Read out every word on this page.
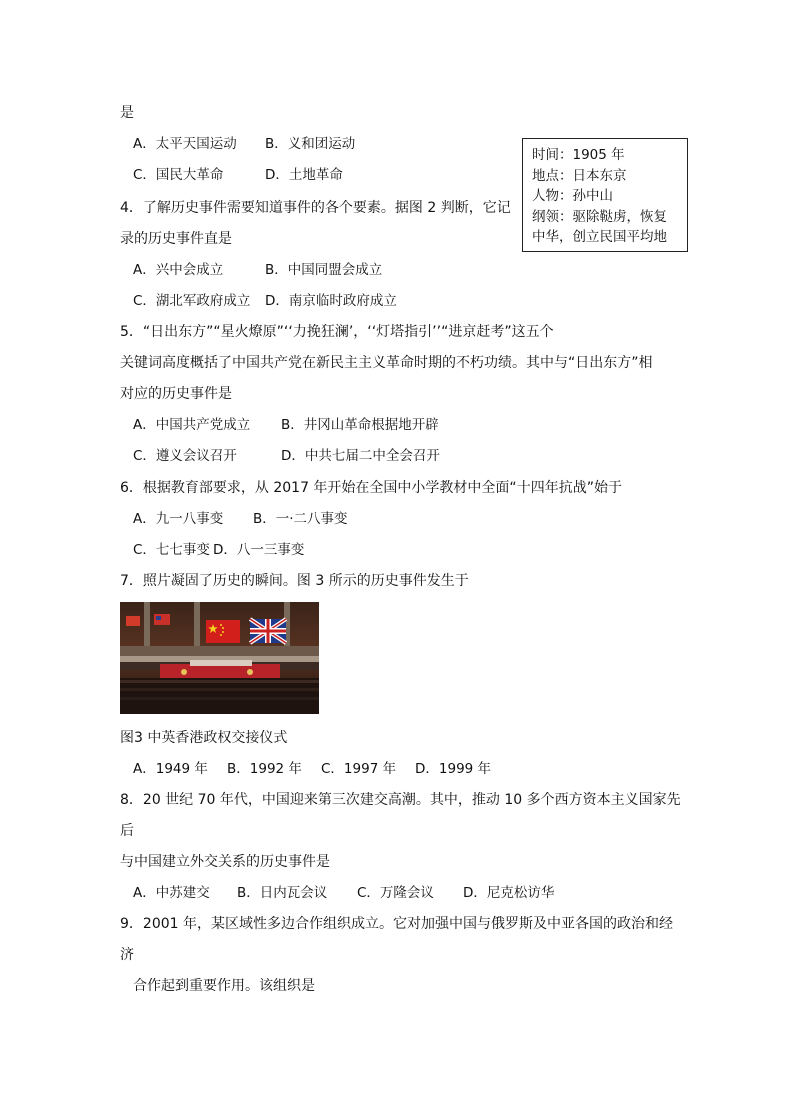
是
A．太平天国运动 B．义和团运动
C．国民大革命	D．土地革命
时间：1905 年
地点：日本东京
人物：孙中山
纲领：驱除鞑虏，恢复
中华，创立民国平均地
4．了解历史事件需要知道事件的各个要素。据图 2 判断，它记
录的历史事件直是
A．兴中会成立	B．中国同盟会成立
C．湖北军政府成立 D．南京临时政府成立
5．“日出东方”“星火燎原”‘‘力挽狂澜’，‘‘灯塔指引’’“进京赶考”这五个
关键词高度概括了中国共产党在新民主主义革命时期的不朽功绩。其中与“日出东方”相
对应的历史事件是
A．中国共产党成立 B．井冈山革命根据地开辟
C．遵义会议召开	D．中共七届二中全会召开
6．根据教育部要求，从 2017 年开始在全国中小学教材中全面“十四年抗战”始于
A．九一八事变 B．一·二八事变
C．七七事变 D．八一三事变
7．照片凝固了历史的瞬间。图 3 所示的历史事件发生于
图3 中英香港政权交接仪式
A．1949 年 B．1992 年 C．1997 年 D．1999 年
8．20 世纪 70 年代，中国迎来第三次建交高潮。其中，推动 10 多个西方资本主义国家先
后
与中国建立外交关系的历史事件是
A．中苏建交 B．日内瓦会议 C．万隆会议 D．尼克松访华
9．2001 年，某区域性多边合作组织成立。它对加强中国与俄罗斯及中亚各国的政治和经
济
合作起到重要作用。该组织是
